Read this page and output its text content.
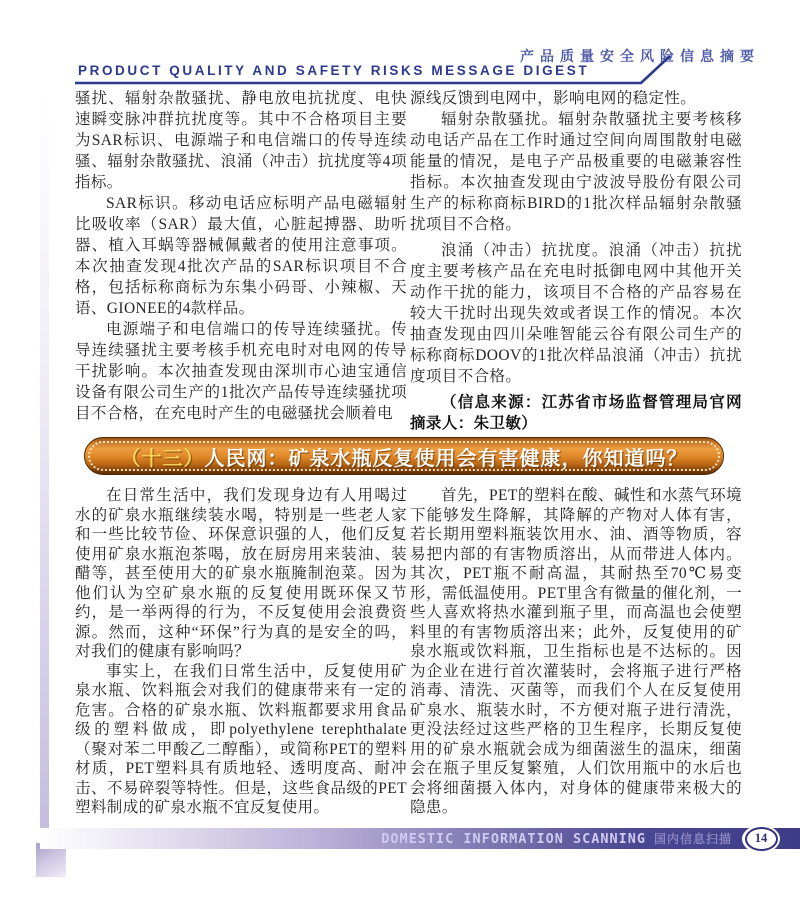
产品质量安全风险信息摘要
PRODUCT QUALITY AND SAFETY RISKS MESSAGE DIGEST

骚扰、辐射杂散骚扰、静电放电抗扰度、电快速瞬变脉冲群抗扰度等。其中不合格项目主要为SAR标识、电源端子和电信端口的传导连续骚、辐射杂散骚扰、浪涌（冲击）抗扰度等4项指标。

SAR标识。移动电话应标明产品电磁辐射比吸收率（SAR）最大值，心脏起搏器、助听器、植入耳蜗等器械佩戴者的使用注意事项。本次抽查发现4批次产品的SAR标识项目不合格，包括标称商标为东集小码哥、小辣椒、天语、GIONEE的4款样品。

电源端子和电信端口的传导连续骚扰。传导连续骚扰主要考核手机充电时对电网的传导干扰影响。本次抽查发现由深圳市心迪宝通信设备有限公司生产的1批次产品传导连续骚扰项目不合格，在充电时产生的电磁骚扰会顺着电

源线反馈到电网中，影响电网的稳定性。

辐射杂散骚扰。辐射杂散骚扰主要考核移动电话产品在工作时通过空间向周围散射电磁能量的情况，是电子产品极重要的电磁兼容性指标。本次抽查发现由宁波波导股份有限公司生产的标称商标BIRD的1批次样品辐射杂散骚扰项目不合格。

浪涌（冲击）抗扰度。浪涌（冲击）抗扰度主要考核产品在充电时抵御电网中其他开关动作干扰的能力，该项目不合格的产品容易在较大干扰时出现失效或者误工作的情况。本次抽查发现由四川朵唯智能云谷有限公司生产的标称商标DOOV的1批次样品浪涌（冲击）抗扰度项目不合格。

（信息来源：江苏省市场监督管理局官网 摘录人：朱卫敏）

（十三） 人民网：矿泉水瓶反复使用会有害健康，你知道吗？

在日常生活中，我们发现身边有人用喝过水的矿泉水瓶继续装水喝，特别是一些老人家和一些比较节俭、环保意识强的人，他们反复使用矿泉水瓶泡茶喝，放在厨房用来装油、装醋等，甚至使用大的矿泉水瓶腌制泡菜。因为他们认为空矿泉水瓶的反复使用既环保又节约，是一举两得的行为，不反复使用会浪费资源。然而，这种“环保”行为真的是安全的吗，对我们的健康有影响吗？

事实上，在我们日常生活中，反复使用矿泉水瓶、饮料瓶会对我们的健康带来有一定的危害。合格的矿泉水瓶、饮料瓶都要求用食品级的塑料做成，即polyethylene terephthalate（聚对苯二甲酸乙二醇酯），或简称PET的塑料材质，PET塑料具有质地轻、透明度高、耐冲击、不易碎裂等特性。但是，这些食品级的PET塑料制成的矿泉水瓶不宜反复使用。

首先，PET的塑料在酸、碱性和水蒸气环境下能够发生降解，其降解的产物对人体有害，若长期用塑料瓶装饮用水、油、酒等物质，容易把内部的有害物质溶出，从而带进人体内。其次，PET瓶不耐高温，其耐热至70℃易变形，需低温使用。PET里含有微量的催化剂，一些人喜欢将热水灌到瓶子里，而高温也会使塑料里的有害物质溶出来；此外，反复使用的矿泉水瓶或饮料瓶，卫生指标也是不达标的。因为企业在进行首次灌装时，会将瓶子进行严格消毒、清洗、灭菌等，而我们个人在反复使用矿泉水、瓶装水时，不方便对瓶子进行清洗，更没法经过这些严格的卫生程序，长期反复使用的矿泉水瓶就会成为细菌滋生的温床，细菌会在瓶子里反复繁殖，人们饮用瓶中的水后也会将细菌摄入体内，对身体的健康带来极大的隐患。

DOMESTIC INFORMATION SCANNING 国内信息扫描	14
